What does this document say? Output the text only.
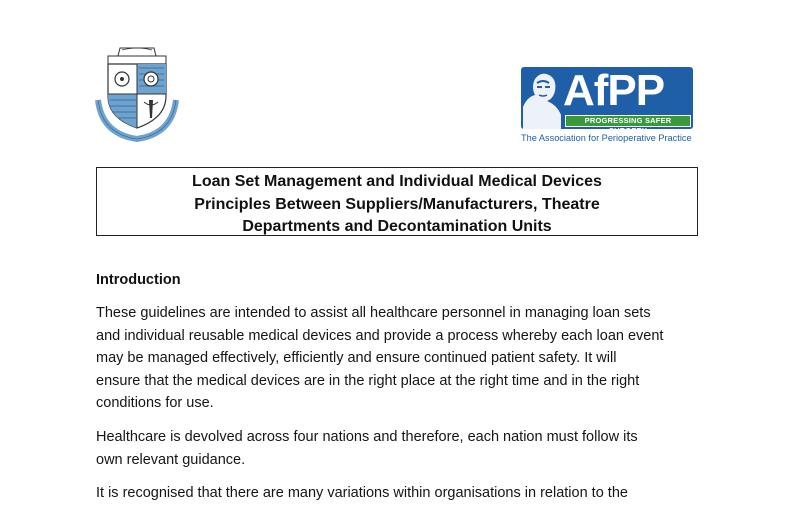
AfPP
PROGRESSING SAFER SURGERY
The Association for Perioperative Practice
Loan Set Management and Individual Medical Devices
Principles Between Suppliers/Manufacturers, Theatre
Departments and Decontamination Units
Introduction
These guidelines are intended to assist all healthcare personnel in managing loan sets
and individual reusable medical devices and provide a process whereby each loan event
may be managed effectively, efficiently and ensure continued patient safety. It will
ensure that the medical devices are in the right place at the right time and in the right
conditions for use.
Healthcare is devolved across four nations and therefore, each nation must follow its
own relevant guidance.
It is recognised that there are many variations within organisations in relation to the
